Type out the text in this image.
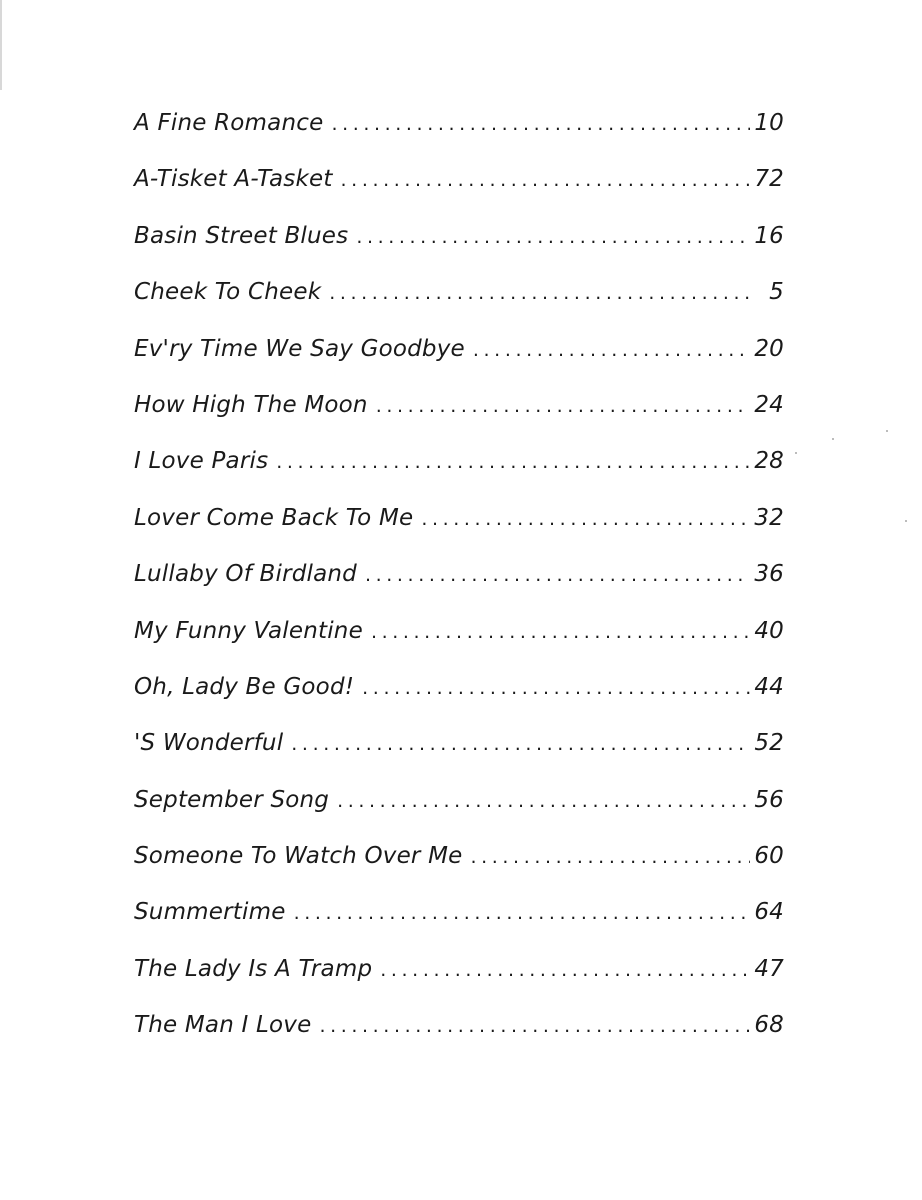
A Fine Romance .....	10
A-Tisket A-Tasket .....	72
Basin Street Blues .....	16
Cheek To Cheek .....	5
Ev'ry Time We Say Goodbye .....	20
How High The Moon .....	24
I Love Paris .....	28
Lover Come Back To Me .....	32
Lullaby Of Birdland .....	36
My Funny Valentine .....	40
Oh, Lady Be Good! .....	44
'S Wonderful .....	52
September Song .....	56
Someone To Watch Over Me .....	60
Summertime .....	64
The Lady Is A Tramp .....	47
The Man I Love .....	68
